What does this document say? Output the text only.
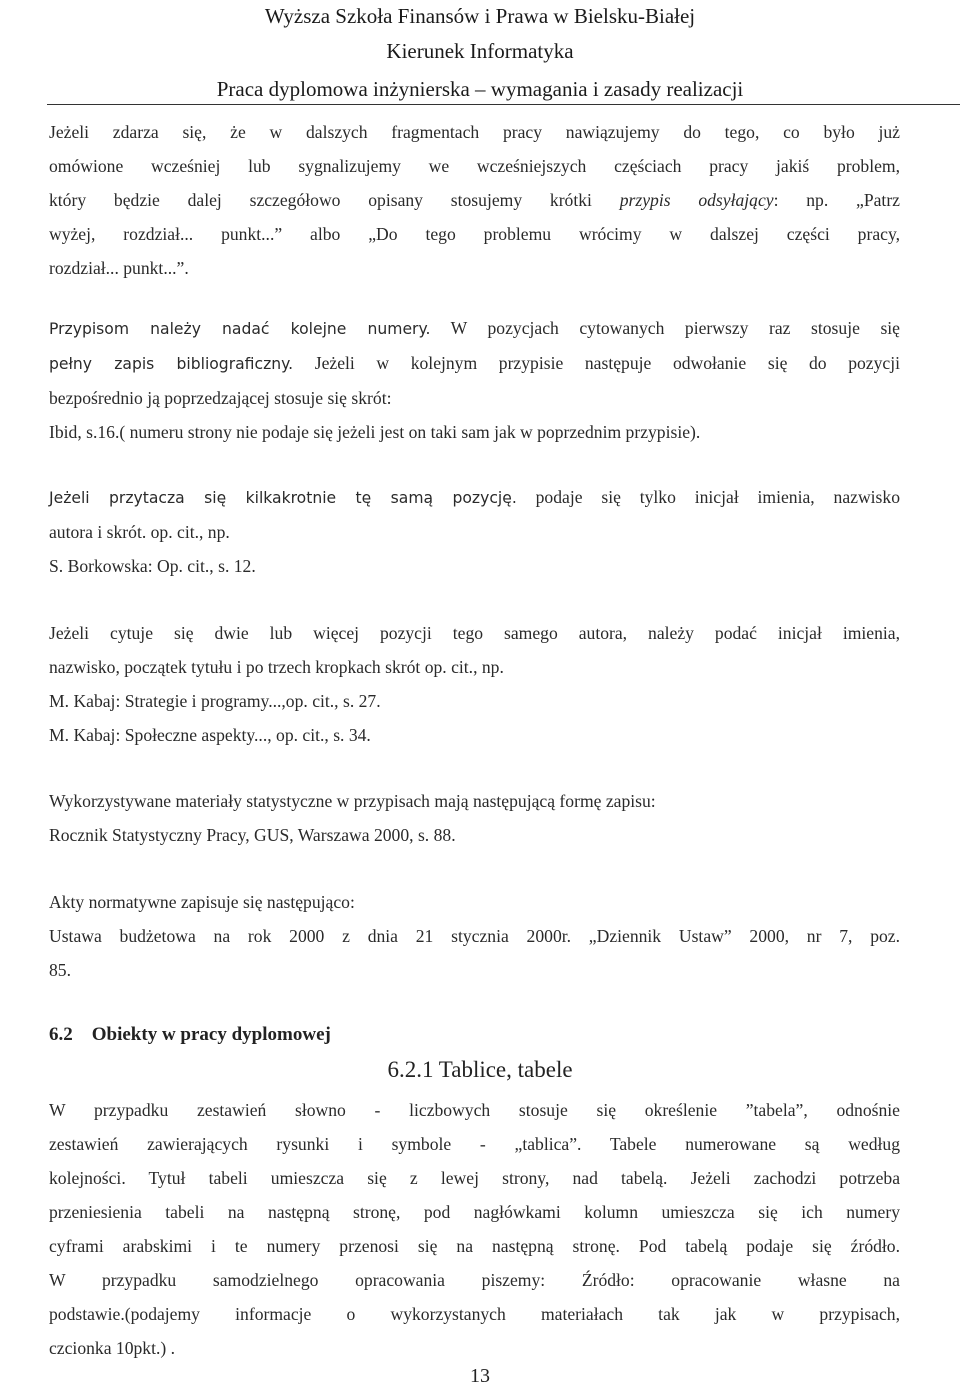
Wyższa Szkoła Finansów i Prawa w Bielsku-Białej
Kierunek Informatyka
Praca dyplomowa inżynierska – wymagania i zasady realizacji
Jeżeli zdarza się, że w dalszych fragmentach pracy nawiązujemy do tego, co było już
omówione wcześniej lub sygnalizujemy we wcześniejszych częściach pracy jakiś problem,
który będzie dalej szczegółowo opisany stosujemy krótki przypis odsyłający: np. „Patrz
wyżej, rozdział... punkt...” albo „Do tego problemu wrócimy w dalszej części pracy,
rozdział... punkt...”.
Przypisom należy nadać kolejne numery. W pozycjach cytowanych pierwszy raz stosuje się
pełny zapis bibliograficzny. Jeżeli w kolejnym przypisie następuje odwołanie się do pozycji
bezpośrednio ją poprzedzającej stosuje się skrót:
Ibid, s.16.( numeru strony nie podaje się jeżeli jest on taki sam jak w poprzednim przypisie).
Jeżeli przytacza się kilkakrotnie tę samą pozycję. podaje się tylko inicjał imienia, nazwisko
autora i skrót. op. cit., np.
S. Borkowska: Op. cit., s. 12.
Jeżeli cytuje się dwie lub więcej pozycji tego samego autora, należy podać inicjał imienia,
nazwisko, początek tytułu i po trzech kropkach skrót op. cit., np.
M. Kabaj: Strategie i programy...,op. cit., s. 27.
M. Kabaj: Społeczne aspekty..., op. cit., s. 34.
Wykorzystywane materiały statystyczne w przypisach mają następującą formę zapisu:
Rocznik Statystyczny Pracy, GUS, Warszawa 2000, s. 88.
Akty normatywne zapisuje się następująco:
Ustawa budżetowa na rok 2000 z dnia 21 stycznia 2000r. „Dziennik Ustaw” 2000, nr 7, poz.
85.
6.2    Obiekty w pracy dyplomowej
6.2.1 Tablice, tabele
W przypadku zestawień słowno - liczbowych stosuje się określenie ”tabela”, odnośnie
zestawień zawierających rysunki i symbole - „tablica”. Tabele numerowane są według
kolejności. Tytuł tabeli umieszcza się z lewej strony, nad tabelą. Jeżeli zachodzi potrzeba
przeniesienia tabeli na następną stronę, pod nagłówkami kolumn umieszcza się ich numery
cyframi arabskimi i te numery przenosi się na następną stronę. Pod tabelą podaje się źródło.
W przypadku samodzielnego opracowania piszemy: Źródło: opracowanie własne na
podstawie.(podajemy informacje o wykorzystanych materiałach tak jak w przypisach,
czcionka 10pkt.) .
13
